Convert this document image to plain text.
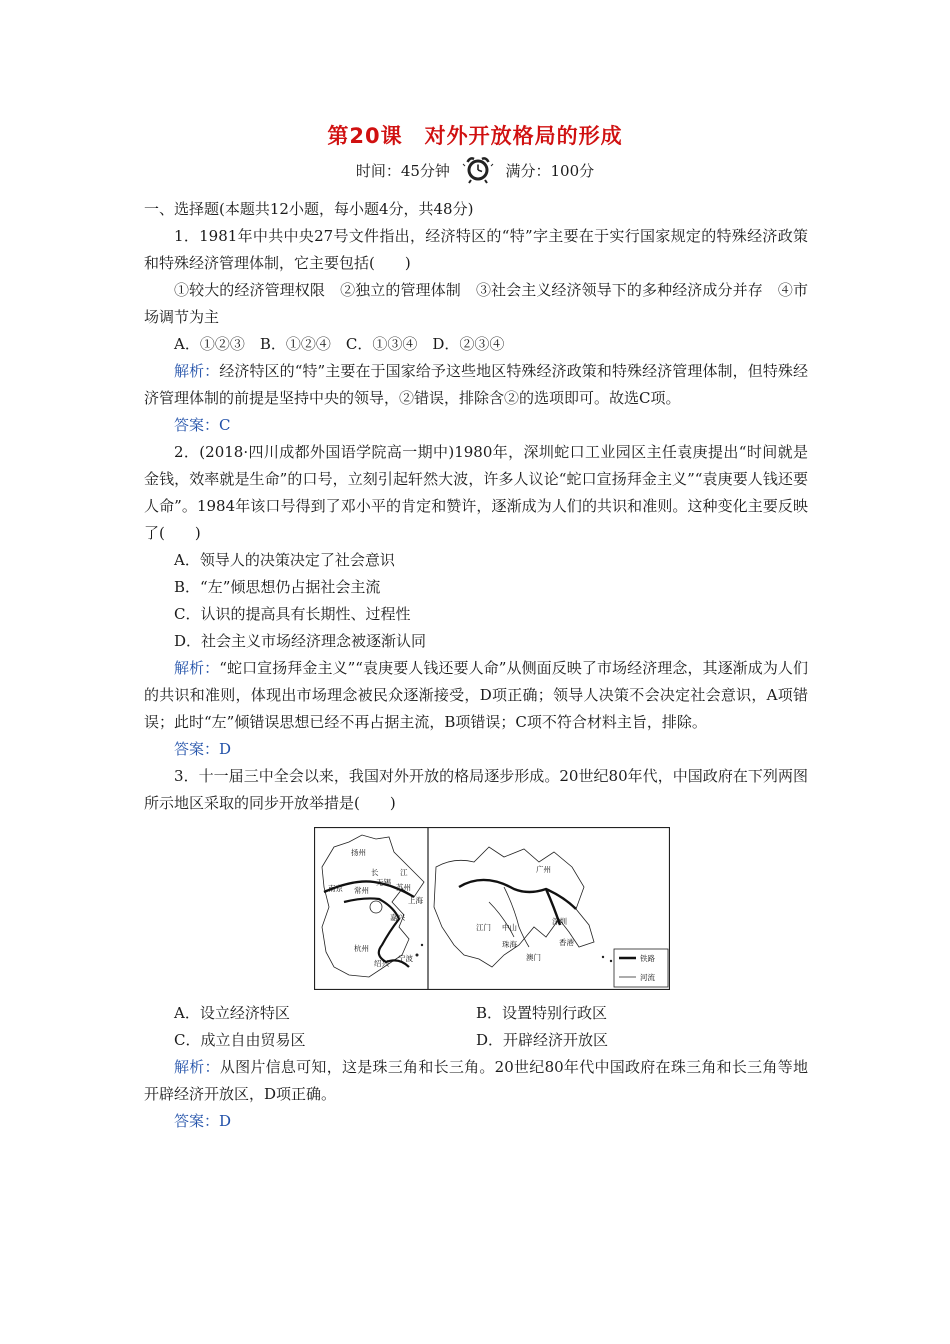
第20课　对外开放格局的形成
时间：45分钟	满分：100分

一、选择题(本题共12小题，每小题4分，共48分)

1．1981年中共中央27号文件指出，经济特区的“特”字主要在于实行国家规定的特殊经济政策和特殊经济管理体制，它主要包括(　　)

①较大的经济管理权限　②独立的管理体制　③社会主义经济领导下的多种经济成分并存　④市场调节为主

A．①②③　B．①②④　C．①③④　D．②③④

解析：经济特区的“特”主要在于国家给予这些地区特殊经济政策和特殊经济管理体制，但特殊经济管理体制的前提是坚持中央的领导，②错误，排除含②的选项即可。故选C项。

答案：C

2．(2018·四川成都外国语学院高一期中)1980年，深圳蛇口工业园区主任袁庚提出“时间就是金钱，效率就是生命”的口号，立刻引起轩然大波，许多人议论“蛇口宣扬拜金主义”“袁庚要人钱还要人命”。1984年该口号得到了邓小平的肯定和赞许，逐渐成为人们的共识和准则。这种变化主要反映了(　　)

A．领导人的决策决定了社会意识

B．“左”倾思想仍占据社会主流

C．认识的提高具有长期性、过程性

D．社会主义市场经济理念被逐渐认同

解析：“蛇口宣扬拜金主义”“袁庚要人钱还要人命”从侧面反映了市场经济理念，其逐渐成为人们的共识和准则，体现出市场理念被民众逐渐接受，D项正确；领导人决策不会决定社会意识，A项错误；此时“左”倾错误思想已经不再占据主流，B项错误；C项不符合材料主旨，排除。

答案：D

3．十一届三中全会以来，我国对外开放的格局逐步形成。20世纪80年代，中国政府在下列两图所示地区采取的同步开放举措是(　　)

扬州
长	江
南京 常州
无锡
苏州
上海
嘉兴
杭州
绍兴
宁波
广州
江门 中山
深圳
珠海	香港
澳门	铁路
河流
A．设立经济特区	B．设置特别行政区
C．成立自由贸易区	D．开辟经济开放区

解析：从图片信息可知，这是珠三角和长三角。20世纪80年代中国政府在珠三角和长三角等地开辟经济开放区，D项正确。

答案：D
